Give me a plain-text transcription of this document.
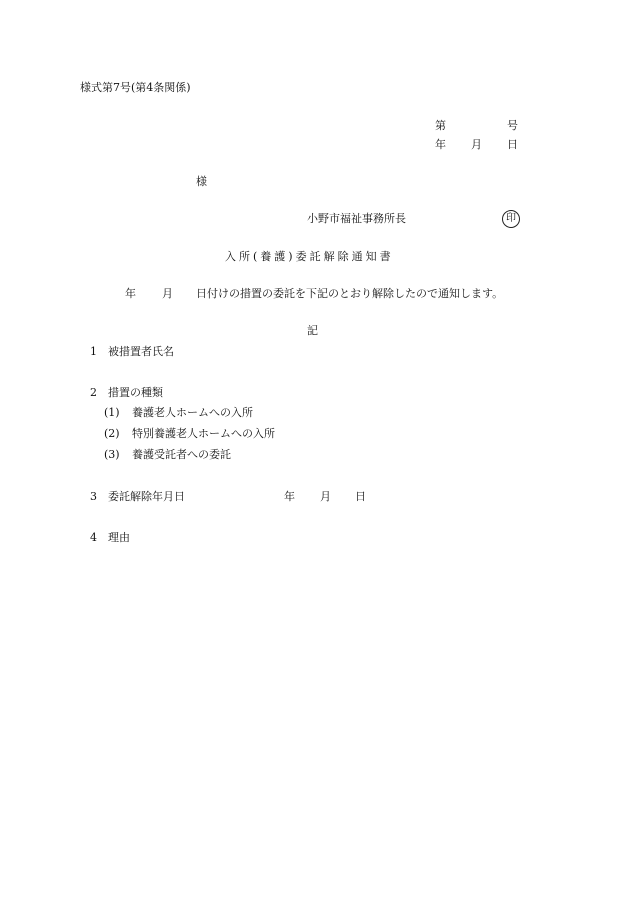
様式第7号(第4条関係)
第	号
年 月 日
様
小野市福祉事務所長	印
入所(養護)委託解除通知書
年 月 日付けの措置の委託を下記のとおり解除したので通知します。
記
1 被措置者氏名
2 措置の種類
(1) 養護老人ホームへの入所
(2) 特別養護老人ホームへの入所
(3) 養護受託者への委託
3 委託解除年月日	年 月 日
4 理由
